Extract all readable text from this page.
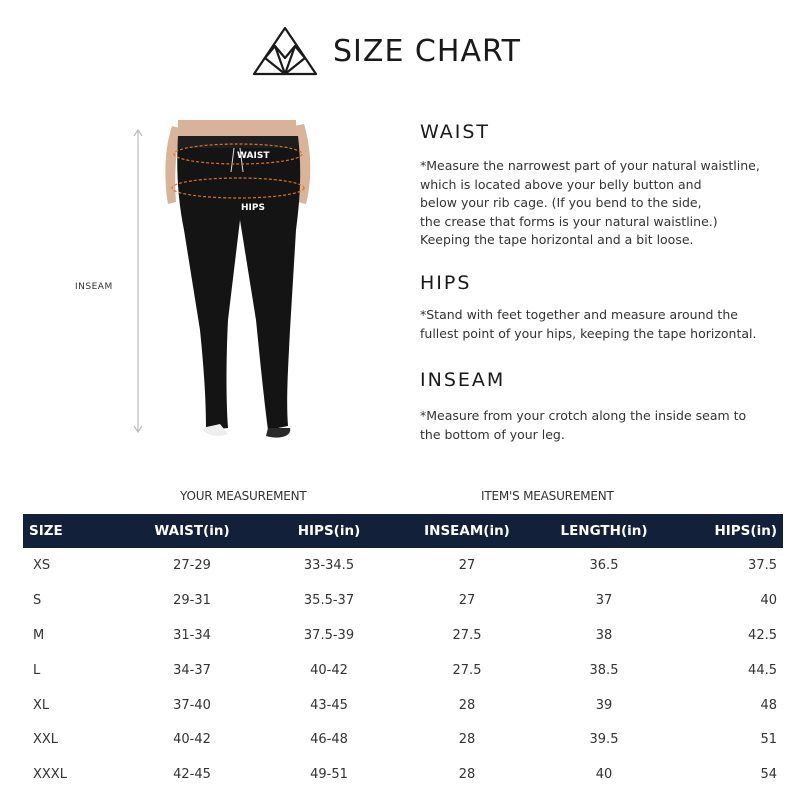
SIZE CHART
WAIST
HIPS
INSEAM
WAIST
*Measure the narrowest part of your natural waistline,
which is located above your belly button and
below your rib cage. (If you bend to the side,
the crease that forms is your natural waistline.)
Keeping the tape horizontal and a bit loose.
HIPS
*Stand with feet together and measure around the
fullest point of your hips, keeping the tape horizontal.
INSEAM
*Measure from your crotch along the inside seam to
the bottom of your leg.
YOUR MEASUREMENT	ITEM'S MEASUREMENT
SIZE	WAIST(in)	HIPS(in)	INSEAM(in)	LENGTH(in)	HIPS(in)
XS	27-29	33-34.5	27	36.5	37.5
S	29-31	35.5-37	27	37	40
M	31-34	37.5-39	27.5	38	42.5
L	34-37	40-42	27.5	38.5	44.5
XL	37-40	43-45	28	39	48
XXL	40-42	46-48	28	39.5	51
XXXL	42-45	49-51	28	40	54
